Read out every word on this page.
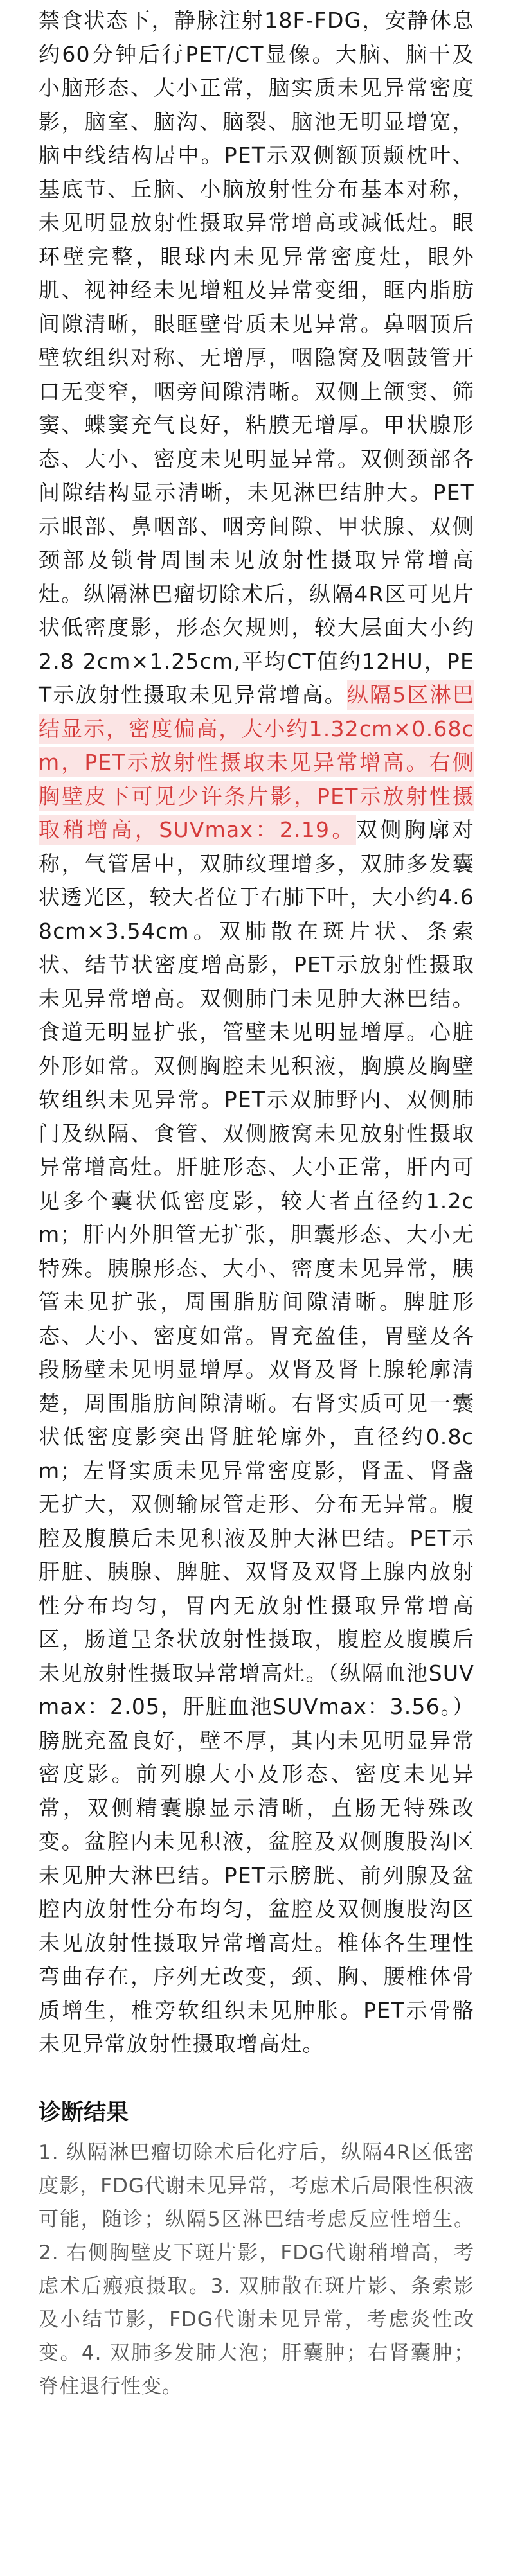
禁食状态下，静脉注射18F-FDG，安静休息约60分钟后行PET/CT显像。大脑、脑干及小脑形态、大小正常，脑实质未见异常密度影，脑室、脑沟、脑裂、脑池无明显增宽，脑中线结构居中。PET示双侧额顶颞枕叶、基底节、丘脑、小脑放射性分布基本对称，未见明显放射性摄取异常增高或减低灶。眼环壁完整，眼球内未见异常密度灶，眼外肌、视神经未见增粗及异常变细，眶内脂肪间隙清晰，眼眶壁骨质未见异常。鼻咽顶后壁软组织对称、无增厚，咽隐窝及咽鼓管开口无变窄，咽旁间隙清晰。双侧上颌窦、筛窦、蝶窦充气良好，粘膜无增厚。甲状腺形态、大小、密度未见明显异常。双侧颈部各间隙结构显示清晰，未见淋巴结肿大。PET示眼部、鼻咽部、咽旁间隙、甲状腺、双侧颈部及锁骨周围未见放射性摄取异常增高灶。纵隔淋巴瘤切除术后，纵隔4R区可见片状低密度影，形态欠规则，较大层面大小约2.8 2cm×1.25cm,平均CT值约12HU，PET示放射性摄取未见异常增高。纵隔5区淋巴结显示，密度偏高，大小约1.32cm×0.68cm，PET示放射性摄取未见异常增高。右侧胸壁皮下可见少许条片影，PET示放射性摄取稍增高，SUVmax：2.19。双侧胸廓对称，气管居中，双肺纹理增多，双肺多发囊状透光区，较大者位于右肺下叶，大小约4.68cm×3.54cm。双肺散在斑片状、条索状、结节状密度增高影，PET示放射性摄取未见异常增高。双侧肺门未见肿大淋巴结。食道无明显扩张，管壁未见明显增厚。心脏外形如常。双侧胸腔未见积液，胸膜及胸壁软组织未见异常。PET示双肺野内、双侧肺门及纵隔、食管、双侧腋窝未见放射性摄取异常增高灶。肝脏形态、大小正常，肝内可见多个囊状低密度影，较大者直径约1.2cm；肝内外胆管无扩张，胆囊形态、大小无特殊。胰腺形态、大小、密度未见异常，胰管未见扩张，周围脂肪间隙清晰。脾脏形态、大小、密度如常。胃充盈佳，胃壁及各段肠壁未见明显增厚。双肾及肾上腺轮廓清楚，周围脂肪间隙清晰。右肾实质可见一囊状低密度影突出肾脏轮廓外，直径约0.8cm；左肾实质未见异常密度影，肾盂、肾盏无扩大，双侧输尿管走形、分布无异常。腹腔及腹膜后未见积液及肿大淋巴结。PET示肝脏、胰腺、脾脏、双肾及双肾上腺内放射性分布均匀，胃内无放射性摄取异常增高区，肠道呈条状放射性摄取，腹腔及腹膜后未见放射性摄取异常增高灶。（纵隔血池SUVmax：2.05，肝脏血池SUVmax：3.56。）膀胱充盈良好，壁不厚，其内未见明显异常密度影。前列腺大小及形态、密度未见异常，双侧精囊腺显示清晰，直肠无特殊改变。盆腔内未见积液，盆腔及双侧腹股沟区未见肿大淋巴结。PET示膀胱、前列腺及盆腔内放射性分布均匀，盆腔及双侧腹股沟区未见放射性摄取异常增高灶。椎体各生理性弯曲存在，序列无改变，颈、胸、腰椎体骨质增生，椎旁软组织未见肿胀。PET示骨骼未见异常放射性摄取增高灶。

诊断结果

1. 纵隔淋巴瘤切除术后化疗后，纵隔4R区低密度影，FDG代谢未见异常，考虑术后局限性积液可能，随诊；纵隔5区淋巴结考虑反应性增生。2. 右侧胸壁皮下斑片影，FDG代谢稍增高，考虑术后瘢痕摄取。3. 双肺散在斑片影、条索影及小结节影，FDG代谢未见异常，考虑炎性改变。4. 双肺多发肺大泡；肝囊肿；右肾囊肿；脊柱退行性变。
